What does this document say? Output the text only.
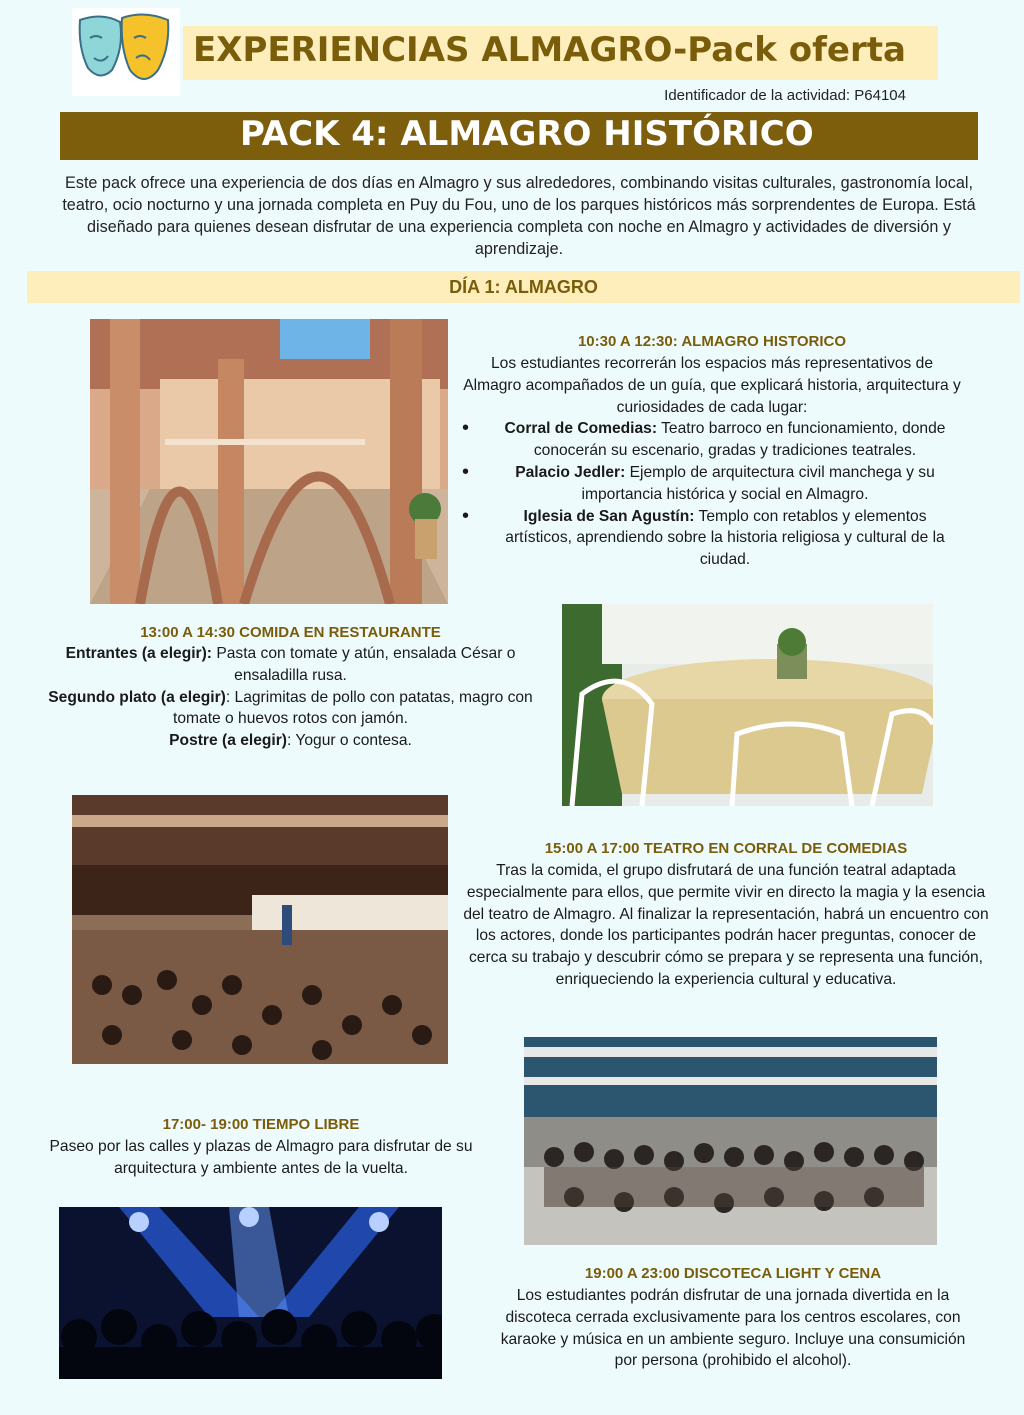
EXPERIENCIAS ALMAGRO-Pack oferta
Identificador de la actividad: P64104
PACK 4: ALMAGRO HISTÓRICO

Este pack ofrece una experiencia de dos días en Almagro y sus alrededores, combinando visitas culturales, gastronomía local, teatro, ocio nocturno y una jornada completa en Puy du Fou, uno de los parques históricos más sorprendentes de Europa. Está diseñado para quienes desean disfrutar de una experiencia completa con noche en Almagro y actividades de diversión y aprendizaje.

DÍA 1: ALMAGRO
10:30 A 12:30: ALMAGRO HISTORICO

Los estudiantes recorrerán los espacios más representativos de Almagro acompañados de un guía, que explicará historia, arquitectura y curiosidades de cada lugar:

• Corral de Comedias: Teatro barroco en funcionamiento, donde conocerán su escenario, gradas y tradiciones teatrales.
• Palacio Jedler: Ejemplo de arquitectura civil manchega y su importancia histórica y social en Almagro.
• Iglesia de San Agustín: Templo con retablos y elementos artísticos, aprendiendo sobre la historia religiosa y cultural de la ciudad.
13:00 A 14:30 COMIDA EN RESTAURANTE

Entrantes (a elegir): Pasta con tomate y atún, ensalada César o ensaladilla rusa.

Segundo plato (a elegir): Lagrimitas de pollo con patatas, magro con tomate o huevos rotos con jamón.

Postre (a elegir): Yogur o contesa.

15:00 A 17:00 TEATRO EN CORRAL DE COMEDIAS

Tras la comida, el grupo disfrutará de una función teatral adaptada especialmente para ellos, que permite vivir en directo la magia y la esencia del teatro de Almagro. Al finalizar la representación, habrá un encuentro con los actores, donde los participantes podrán hacer preguntas, conocer de cerca su trabajo y descubrir cómo se prepara y se representa una función, enriqueciendo la experiencia cultural y educativa.

17:00- 19:00 TIEMPO LIBRE

Paseo por las calles y plazas de Almagro para disfrutar de su arquitectura y ambiente antes de la vuelta.

19:00 A 23:00 DISCOTECA LIGHT Y CENA

Los estudiantes podrán disfrutar de una jornada divertida en la discoteca cerrada exclusivamente para los centros escolares, con karaoke y música en un ambiente seguro. Incluye una consumición por persona (prohibido el alcohol).
